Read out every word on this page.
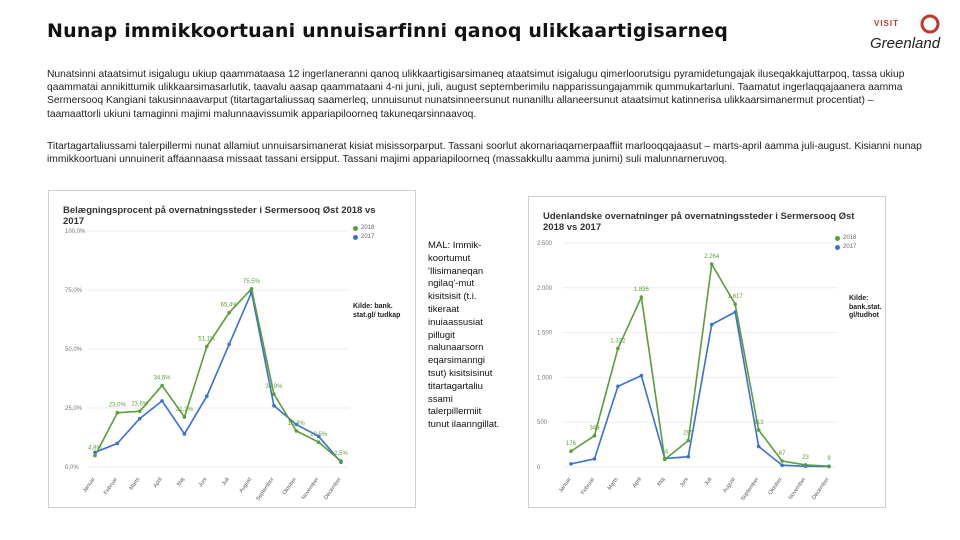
Nunap immikkoortuani unnuisarfinni qanoq ulikkaartigisarneq	VISIT
Greenland
Nunatsinni ataatsimut isigalugu ukiup qaammataasa 12 ingerlaneranni qanoq ulikkaartigisarsimaneq ataatsimut isigalugu qimerloorutsigu pyramidetungajak iluseqakkajuttarpoq, tassa ukiup qaammatai annikittumik ulikkaarsimasarlutik, taavalu aasap qaammataani 4-ni juni, juli, august septemberimilu napparissungajammik qummukartarluni. Taamatut ingerlaqqajaanera aamma Sermersooq Kangiani takusinnaavarput (titartagartaliussaq saamerleq, unnuisunut nunatsinneersunut nunanillu allaneersunut ataatsimut katinnerisa ulikkaarsimanermut procentiat) – taamaattorli ukiuni tamaginni majimi malunnaavissumik appariapiloorneq takuneqarsinnaavoq.
Titartagartaliussami talerpillermi nunat allamiut unnuisarsimanerat kisiat misissorparput. Tassani soorlut akornariaqarnerpaaffiit marlooqqajaasut – marts-april aamma juli-august. Kisiannі nunap immikkoortuani unnuinerit affaannaasa missaat tassani ersipput. Tassani majimi appariapiloorneq (massakkullu aamma junimi) suli malunnarneruvoq.
Belægningsprocent på overnatningssteder i Sermersooq Øst 2018 vs 2017
0,0%
25,0%
50,0%
75,0%
100,0%
Januar Februar Marts April Maj Juni Juli August September Oktober November December
4,8%
23,0% 23,6%
34,5%
21,2%
51,1%
65,4%
75,5%
30,9%
15,3%
10,5%
2,5%
2018
2017
Kilde: bank. stat.gl/ tudkap
MAL: Immik-koortumut 'Ilisimaneqan ngilaq'-mut kisitsisit (t.i. tikeraat inuiaassusiat pillugit nalunaarsorn eqarsimanngi tsut) kisitsisinut titartagartaliu ssami talerpillermiit tunut ilaanngillat.
Udenlandske overnatninger på overnatningssteder i Sermersooq Øst 2018 vs 2017
0
500
1.000
1.500
2.000
2.500
Januar Februar Marts April Maj Juni	Juli August September Oktober November December
176
349
1.322
1.896
84
295
2.264
1.817
413
67
23	9
2018
2017
Kilde: bank.stat. gl/tudhot
